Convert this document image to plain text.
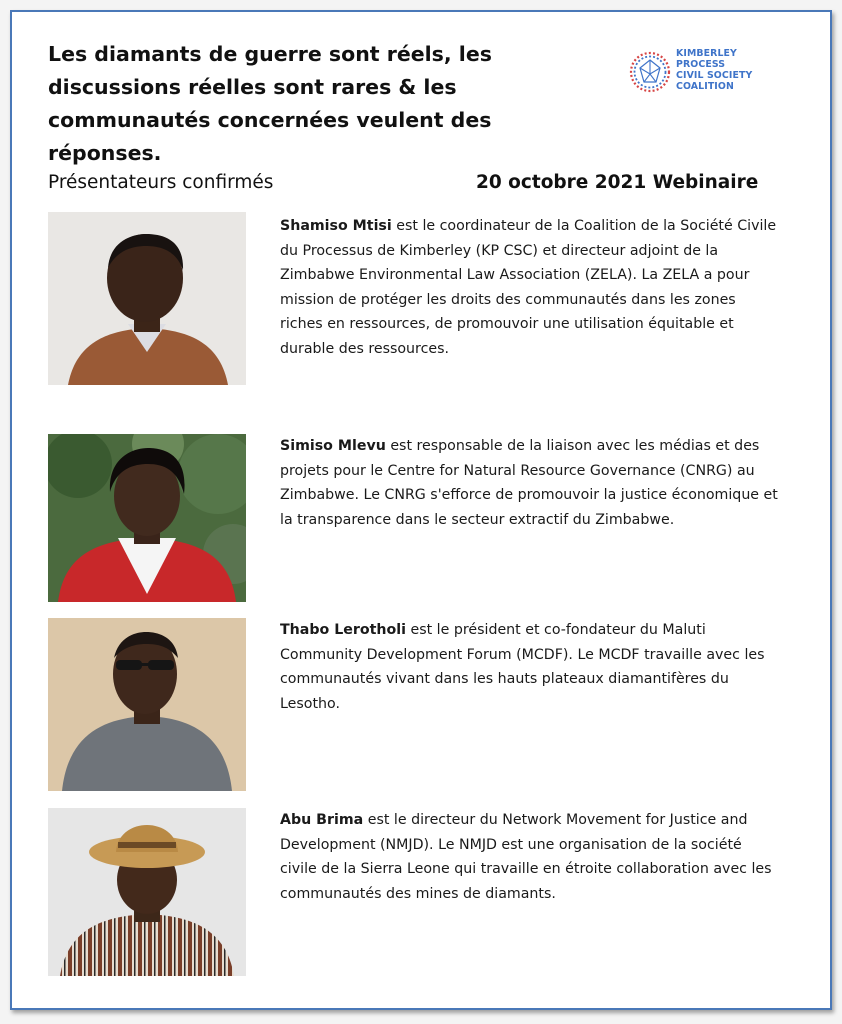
Les diamants de guerre sont réels, les discussions réelles sont rares & les communautés concernées veulent des réponses.
KIMBERLEY
PROCESS
CIVIL SOCIETY
COALITION
Présentateurs confirmés	20 octobre 2021 Webinaire
Shamiso Mtisi est le coordinateur de la Coalition de la Société Civile du Processus de Kimberley (KP CSC) et directeur adjoint de la Zimbabwe Environmental Law Association (ZELA). La ZELA a pour mission de protéger les droits des communautés dans les zones riches en ressources, de promouvoir une utilisation équitable et durable des ressources.
Simiso Mlevu est responsable de la liaison avec les médias et des projets pour le Centre for Natural Resource Governance (CNRG) au Zimbabwe. Le CNRG s'efforce de promouvoir la justice économique et la transparence dans le secteur extractif du Zimbabwe.
Thabo Lerotholi est le président et co-fondateur du Maluti Community Development Forum (MCDF). Le MCDF travaille avec les communautés vivant dans les hauts plateaux diamantifères du Lesotho.
Abu Brima est le directeur du Network Movement for Justice and Development (NMJD). Le NMJD est une organisation de la société civile de la Sierra Leone qui travaille en étroite collaboration avec les communautés des mines de diamants.
